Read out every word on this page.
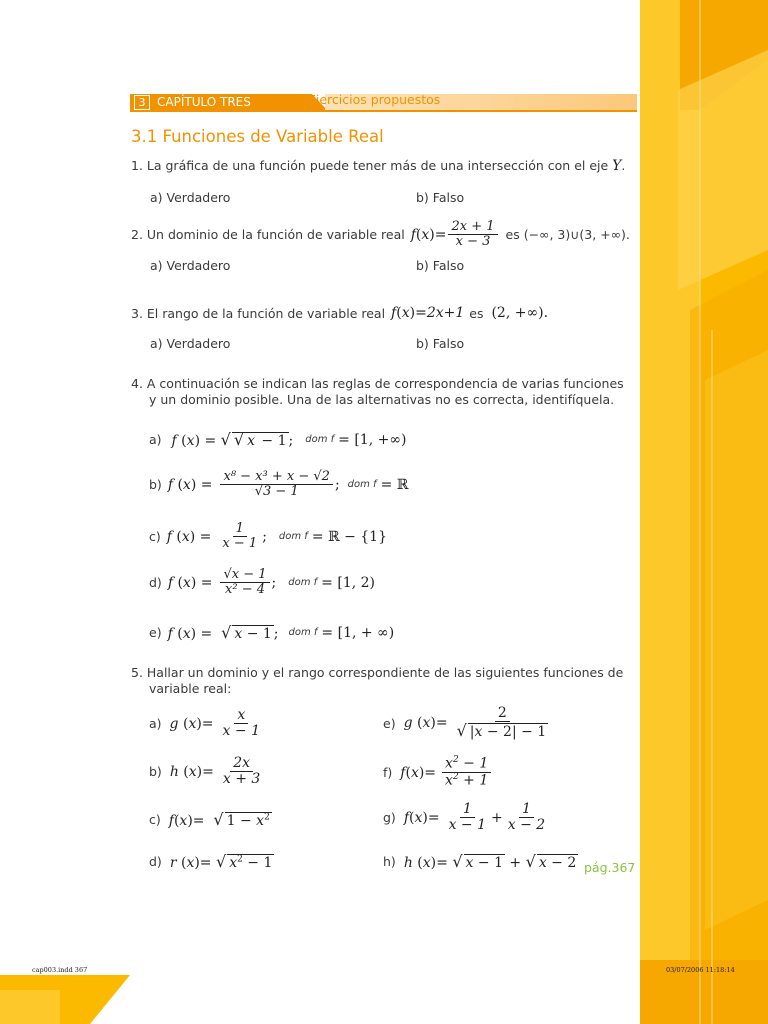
3 CAPÍTULO TRES	Ejercicios propuestos
3.1 Funciones de Variable Real
1. La gráfica de una función puede tener más de una intersección con el eje Y.
a) Verdadero	b) Falso
2. Un dominio de la función de variable real $f(x)= \frac{2x + 1}{x - 3}$ es (−∞, 3)∪(3, +∞).
a) Verdadero	b) Falso
3. El rango de la función de variable real f(x)=2x+1 es (2, +∞).
a) Verdadero	b) Falso
4. A continuación se indican las reglas de correspondencia de varias funciones
y un dominio posible. Una de las alternativas no es correcta, identifíquela.
a) f (x) = √ √ x − 1 ; dom f = [1, +∞)
b) f $(x) = \frac{\text{x⁸ − x³ + x − √2}}{√3 - 1}$ ; dom f = ℝ
c) f $(x) = \frac{1}{x - 1}$ ; dom f = ℝ − {1}
d) f $(x) = \frac{√x - 1}{\text{x² − 4}}$ ; dom f = [1, 2)
e) f (x) =  √ x − 1 ; dom f = [1, + ∞)
5. Hallar un dominio y el rango correspondiente de las siguientes funciones de
variable real:
a) g $(x)= \frac{x}{x - 1}$
b) h $(x)= \frac{2x}{x + 3}$
c) f(x)=  √ $1 - x^2$
d) r (x)= √ $x^2 - 1$
e) g $(x)= \frac{2}{√ |x - 2| - 1}$
f) $f(x)= \frac{x^2 - 1}{x^2 + 1}$
g) $f(x)= \frac{1}{x - 1} + \frac{1}{x - 2}$
h) h (x)= √ x − 1 + √ x − 2 pág.367
cap003.indd 367	03/07/2006 11:18:14
